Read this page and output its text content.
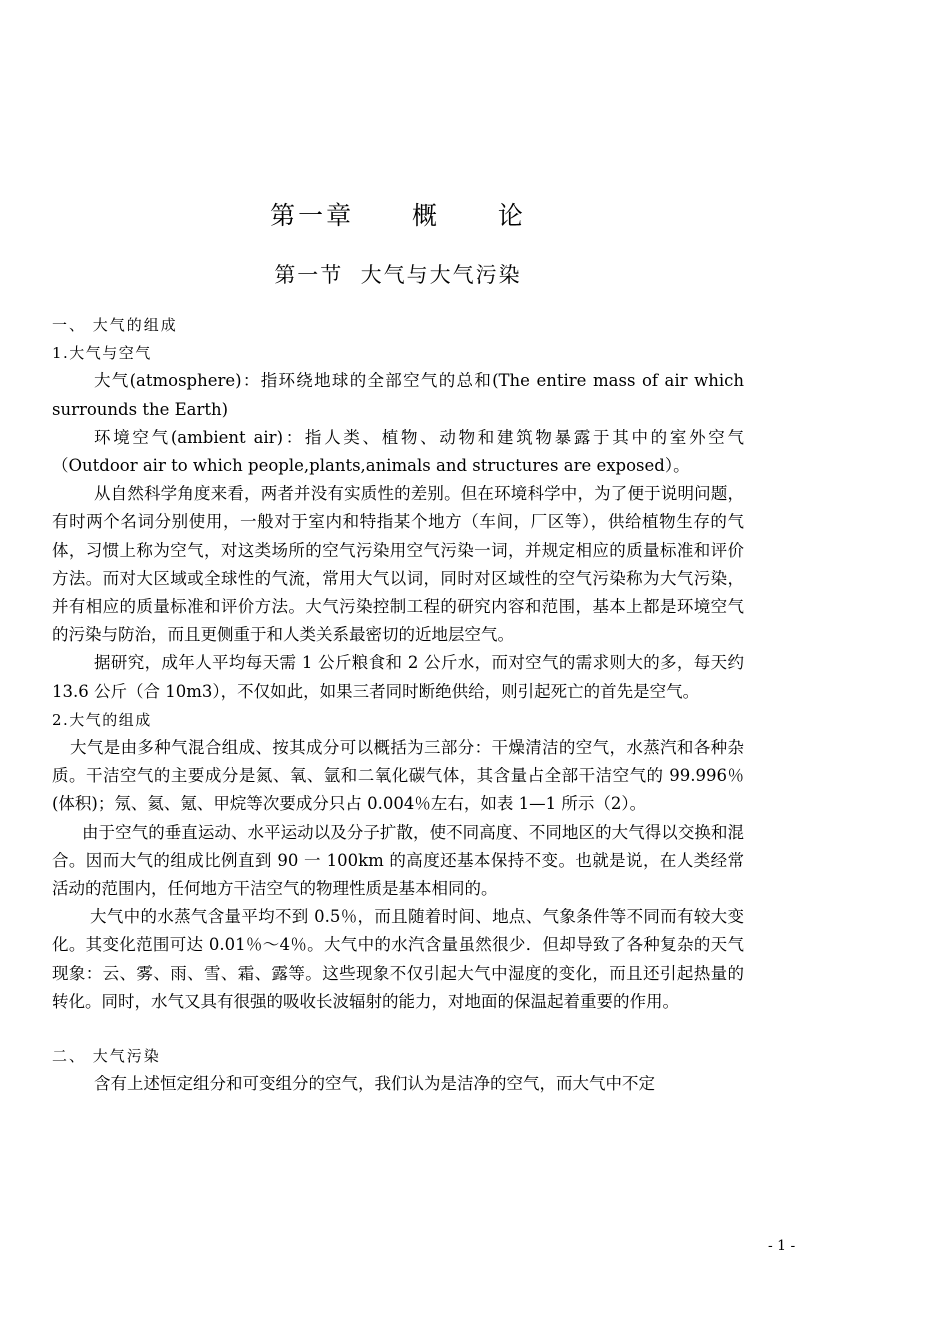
第一章  概  论
第一节  大气与大气污染
一、 大气的组成
1.大气与空气

大气(atmosphere)：指环绕地球的全部空气的总和(The entire mass of air which surrounds the Earth)

环境空气(ambient air)：指人类、植物、动物和建筑物暴露于其中的室外空气（Outdoor air to which people,plants,animals and structures are exposed）。

从自然科学角度来看，两者并没有实质性的差别。但在环境科学中，为了便于说明问题，有时两个名词分别使用，一般对于室内和特指某个地方（车间，厂区等），供给植物生存的气体，习惯上称为空气，对这类场所的空气污染用空气污染一词，并规定相应的质量标准和评价方法。而对大区域或全球性的气流，常用大气以词，同时对区域性的空气污染称为大气污染，并有相应的质量标准和评价方法。大气污染控制工程的研究内容和范围，基本上都是环境空气的污染与防治，而且更侧重于和人类关系最密切的近地层空气。

据研究，成年人平均每天需 1 公斤粮食和 2 公斤水，而对空气的需求则大的多，每天约 13.6 公斤（合 10m3），不仅如此，如果三者同时断绝供给，则引起死亡的首先是空气。

2.大气的组成

大气是由多种气混合组成、按其成分可以概括为三部分：干燥清洁的空气，水蒸汽和各种杂质。干洁空气的主要成分是氮、氧、氩和二氧化碳气体，其含量占全部干洁空气的 99.996％(体积)；氖、氦、氪、甲烷等次要成分只占 0.004％左右，如表 1—1 所示（2）。

由于空气的垂直运动、水平运动以及分子扩散，使不同高度、不同地区的大气得以交换和混合。因而大气的组成比例直到 90 一 100km 的高度还基本保持不变。也就是说，在人类经常活动的范围内，任何地方干洁空气的物理性质是基本相同的。

大气中的水蒸气含量平均不到 0.5％，而且随着时间、地点、气象条件等不同而有较大变化。其变化范围可达 0.01％～4％。大气中的水汽含量虽然很少．但却导致了各种复杂的天气现象：云、雾、雨、雪、霜、露等。这些现象不仅引起大气中湿度的变化，而且还引起热量的转化。同时，水气又具有很强的吸收长波辐射的能力，对地面的保温起着重要的作用。

二、 大气污染

含有上述恒定组分和可变组分的空气，我们认为是洁净的空气，而大气中不定

- 1 -
